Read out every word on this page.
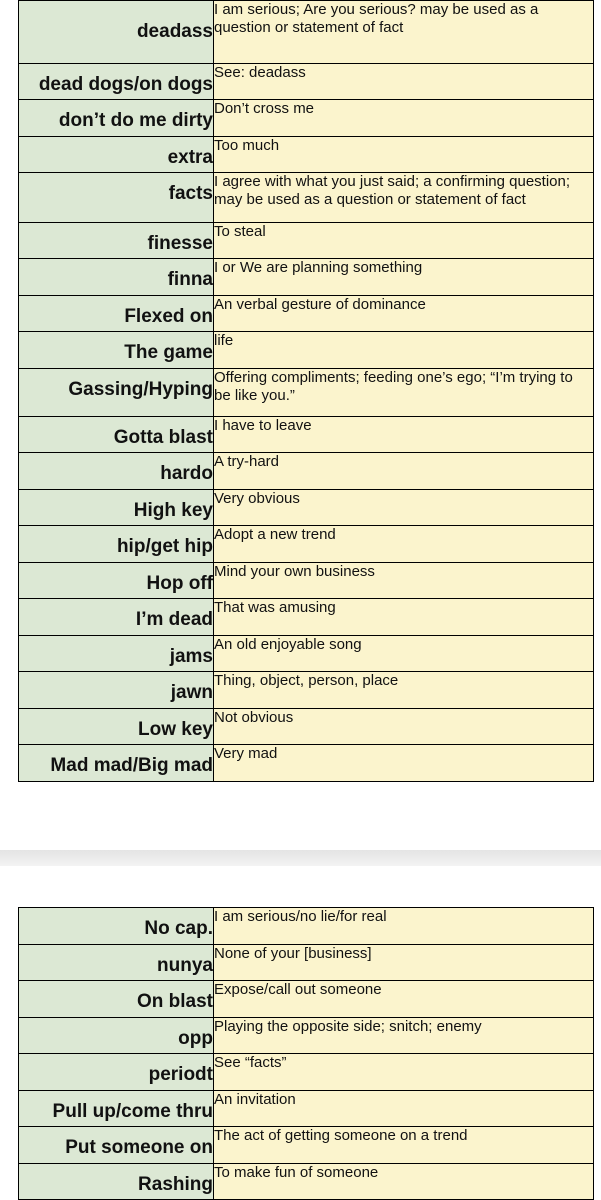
deadass	I am serious; Are you serious? may be used as a question or statement of fact

dead dogs/on dogs	See: deadass

don’t do me dirty	Don’t cross me

extra	Too much

facts	I agree with what you just said; a confirming question; may be used as a question or statement of fact

finesse	To steal

finna	I or We are planning something

Flexed on	An verbal gesture of dominance

The game	life

Gassing/Hyping	Offering compliments; feeding one’s ego; “I’m trying to be like you.”

Gotta blast	I have to leave

hardo	A try-hard

High key	Very obvious

hip/get hip	Adopt a new trend

Hop off	Mind your own business

I’m dead	That was amusing

jams	An old enjoyable song

jawn	Thing, object, person, place

Low key	Not obvious

Mad mad/Big mad	Very mad
No cap.	I am serious/no lie/for real

nunya	None of your [business]

On blast	Expose/call out someone

opp	Playing the opposite side; snitch; enemy

periodt	See “facts”

Pull up/come thru	An invitation

Put someone on	The act of getting someone on a trend

Rashing	To make fun of someone
